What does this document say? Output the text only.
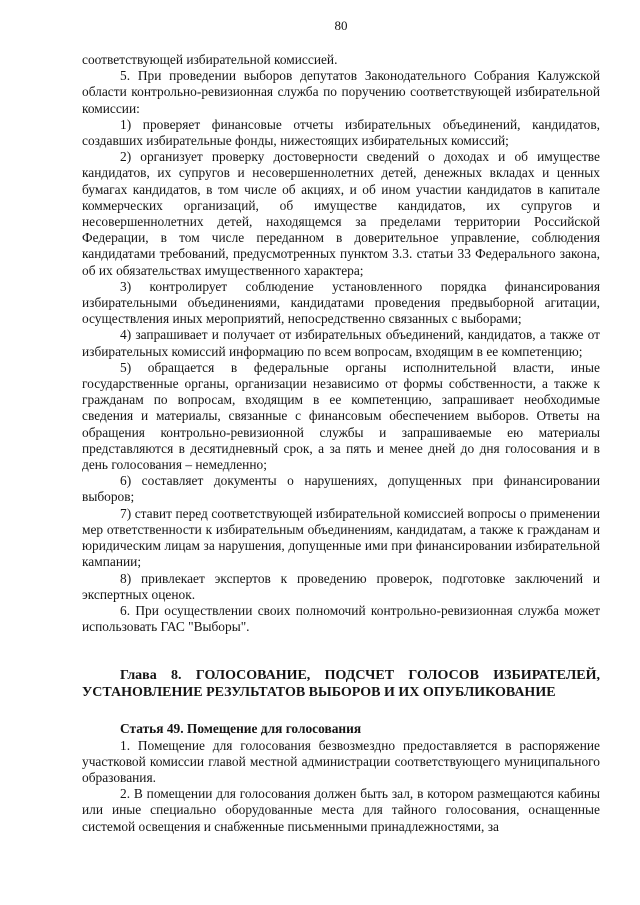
80

соответствующей избирательной комиссией.

5. При проведении выборов депутатов Законодательного Собрания Калужской области контрольно-ревизионная служба по поручению соответствующей избирательной комиссии:

1) проверяет финансовые отчеты избирательных объединений, кандидатов, создавших избирательные фонды, нижестоящих избирательных комиссий;

2) организует проверку достоверности сведений о доходах и об имуществе кандидатов, их супругов и несовершеннолетних детей, денежных вкладах и ценных бумагах кандидатов, в том числе об акциях, и об ином участии кандидатов в капитале коммерческих организаций, об имуществе кандидатов, их супругов и несовершеннолетних детей, находящемся за пределами территории Российской Федерации, в том числе переданном в доверительное управление, соблюдения кандидатами требований, предусмотренных пунктом 3.3. статьи 33 Федерального закона, об их обязательствах имущественного характера;

3) контролирует соблюдение установленного порядка финансирования избирательными объединениями, кандидатами проведения предвыборной агитации, осуществления иных мероприятий, непосредственно связанных с выборами;

4) запрашивает и получает от избирательных объединений, кандидатов, а также от избирательных комиссий информацию по всем вопросам, входящим в ее компетенцию;

5) обращается в федеральные органы исполнительной власти, иные государственные органы, организации независимо от формы собственности, а также к гражданам по вопросам, входящим в ее компетенцию, запрашивает необходимые сведения и материалы, связанные с финансовым обеспечением выборов. Ответы на обращения контрольно-ревизионной службы и запрашиваемые ею материалы представляются в десятидневный срок, а за пять и менее дней до дня голосования и в день голосования – немедленно;

6) составляет документы о нарушениях, допущенных при финансировании выборов;

7) ставит перед соответствующей избирательной комиссией вопросы о применении мер ответственности к избирательным объединениям, кандидатам, а также к гражданам и юридическим лицам за нарушения, допущенные ими при финансировании избирательной кампании;

8) привлекает экспертов к проведению проверок, подготовке заключений и экспертных оценок.

6. При осуществлении своих полномочий контрольно-ревизионная служба может использовать ГАС "Выборы".

Глава 8. ГОЛОСОВАНИЕ, ПОДСЧЕТ ГОЛОСОВ ИЗБИРАТЕЛЕЙ, УСТАНОВЛЕНИЕ РЕЗУЛЬТАТОВ ВЫБОРОВ И ИХ ОПУБЛИКОВАНИЕ
Статья 49. Помещение для голосования

1. Помещение для голосования безвозмездно предоставляется в распоряжение участковой комиссии главой местной администрации соответствующего муниципального образования.

2. В помещении для голосования должен быть зал, в котором размещаются кабины или иные специально оборудованные места для тайного голосования, оснащенные системой освещения и снабженные письменными принадлежностями, за
